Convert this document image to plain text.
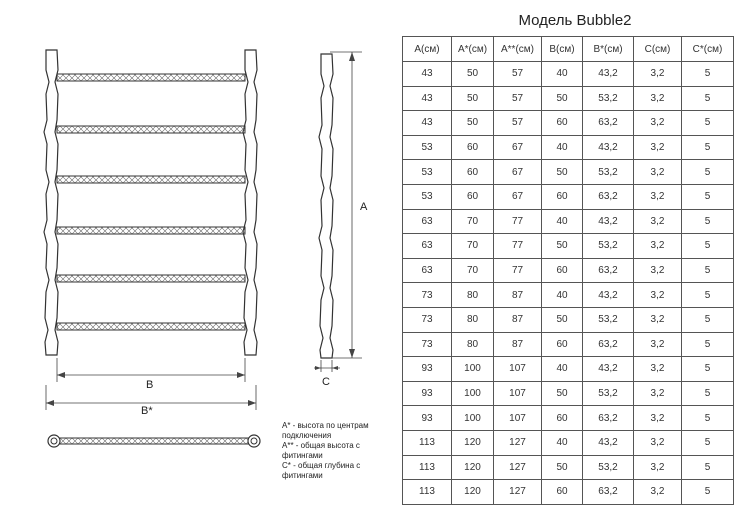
B
B*
A
C
Модель Bubble2
A(см)	A*(см)	A**(см)	B(см)	B*(см)	C(см)	C*(см)
43	50	57	40	43,2	3,2	5
43	50	57	50	53,2	3,2	5
43	50	57	60	63,2	3,2	5
53	60	67	40	43,2	3,2	5
53	60	67	50	53,2	3,2	5
53	60	67	60	63,2	3,2	5
63	70	77	40	43,2	3,2	5
63	70	77	50	53,2	3,2	5
63	70	77	60	63,2	3,2	5
73	80	87	40	43,2	3,2	5
73	80	87	50	53,2	3,2	5
73	80	87	60	63,2	3,2	5
93	100	107	40	43,2	3,2	5
93	100	107	50	53,2	3,2	5
93	100	107	60	63,2	3,2	5
113	120	127	40	43,2	3,2	5
113	120	127	50	53,2	3,2	5
113	120	127	60	63,2	3,2	5
A* - высота по центрам
подключения
A** - общая высота с
фитингами
C* - общая глубина с
фитингами
